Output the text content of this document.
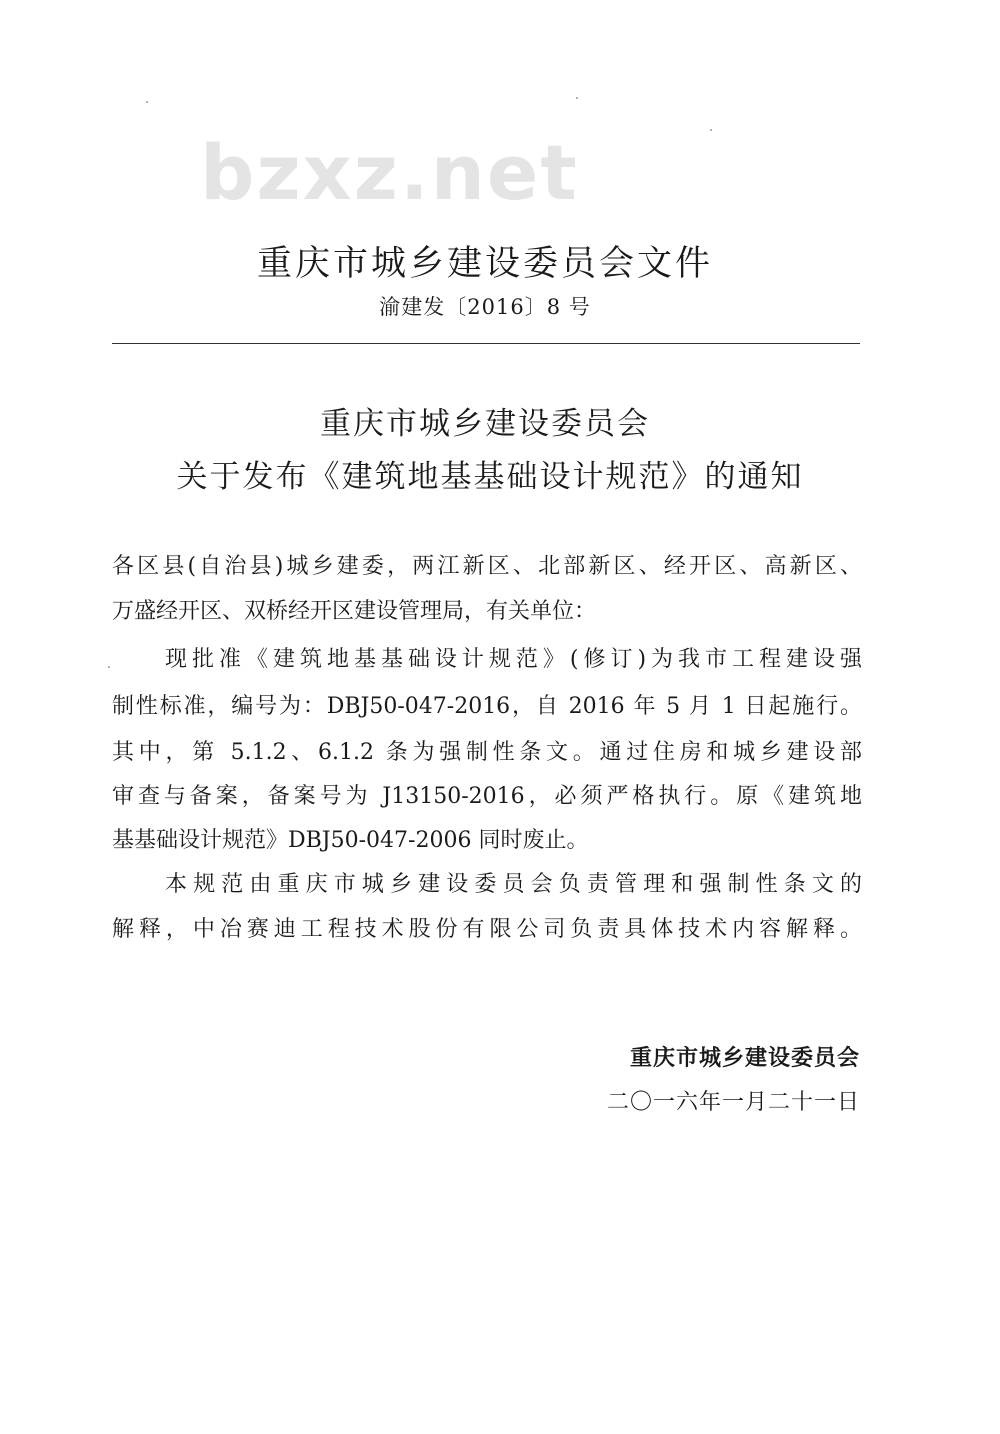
bzxz.net
重庆市城乡建设委员会文件
渝建发〔2016〕8 号
重庆市城乡建设委员会
关于发布《建筑地基基础设计规范》的通知
各区县(自治县)城乡建委，两江新区、北部新区、经开区、高新区、
万盛经开区、双桥经开区建设管理局，有关单位：
现批准《建筑地基基础设计规范》(修订)为我市工程建设强
制性标准，编号为：DBJ50-047-2016，自 2016 年 5 月 1 日起施行。
其中，第 5.1.2、6.1.2 条为强制性条文。通过住房和城乡建设部
审查与备案，备案号为 J13150-2016，必须严格执行。原《建筑地
基基础设计规范》DBJ50-047-2006 同时废止。
本规范由重庆市城乡建设委员会负责管理和强制性条文的
解释，中冶赛迪工程技术股份有限公司负责具体技术内容解释。
重庆市城乡建设委员会
二〇一六年一月二十一日
